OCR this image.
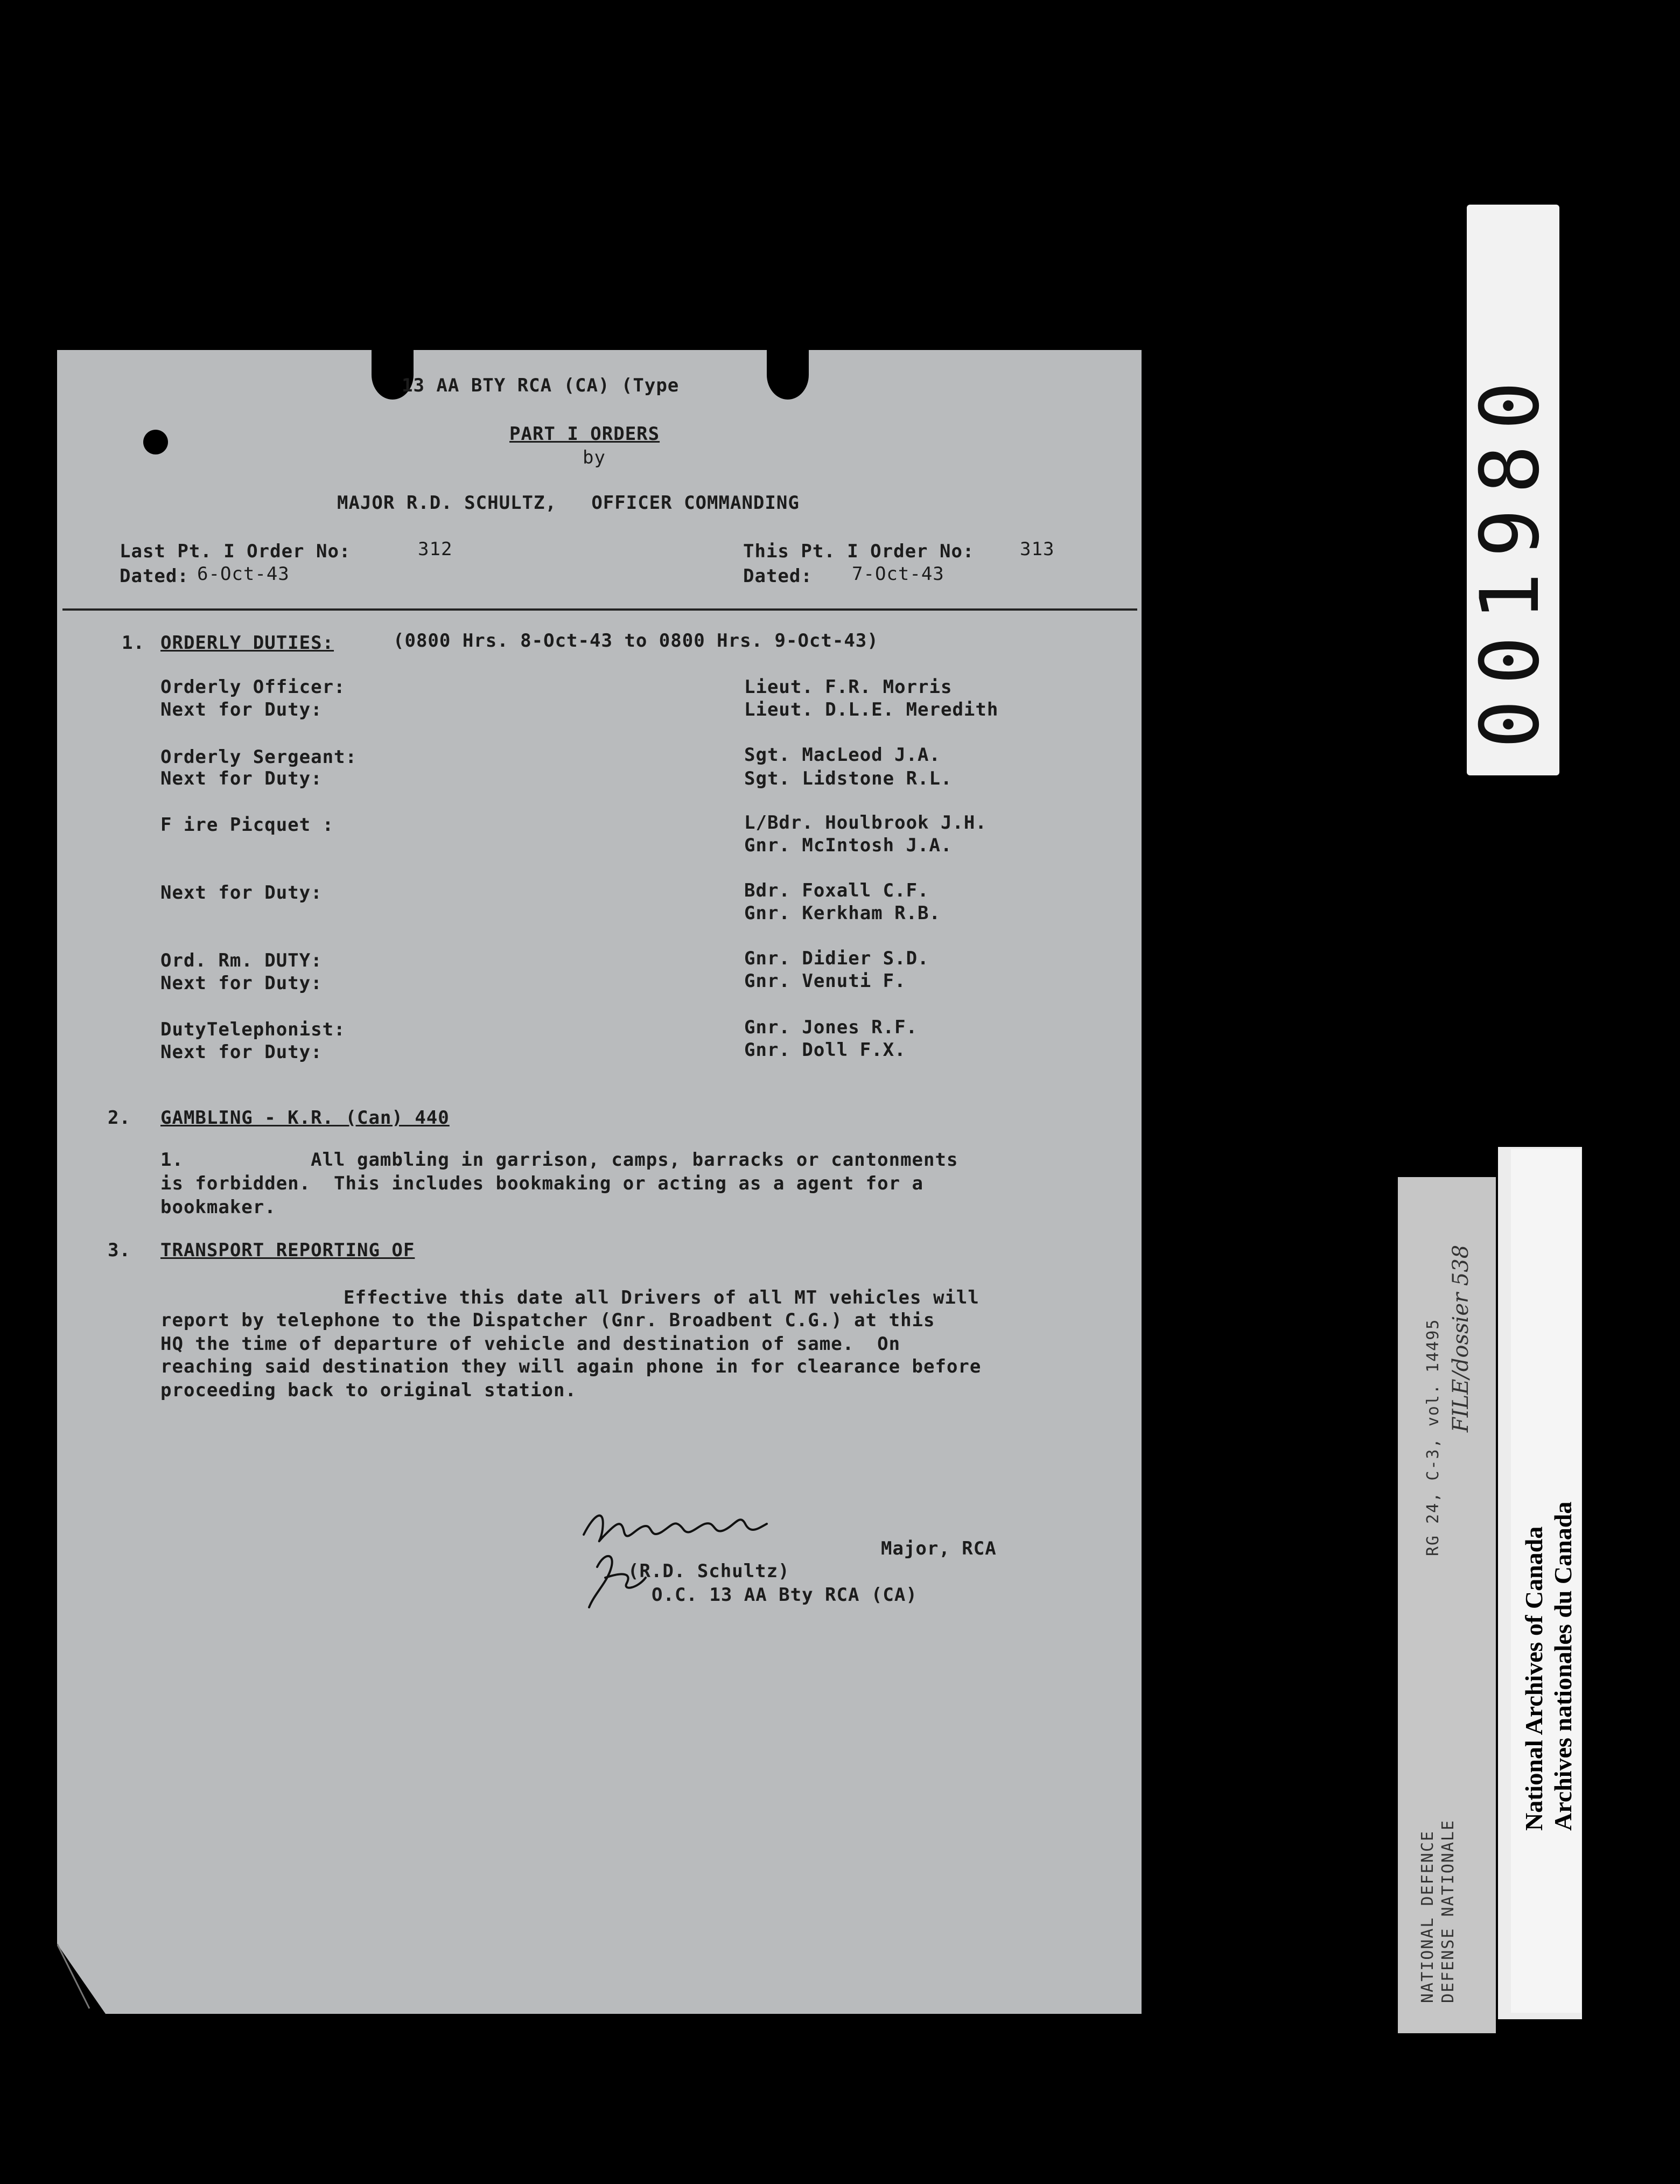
13 AA BTY RCA (CA) (Type
PART I ORDERS
by
MAJOR R.D. SCHULTZ,   OFFICER COMMANDING
Last Pt. I Order No:	312
Dated: 6-Oct-43
This Pt. I Order No: 313
Dated: 7-Oct-43
1. ORDERLY DUTIES:	(0800 Hrs. 8-Oct-43 to 0800 Hrs. 9-Oct-43)
Orderly Officer:	Lieut. F.R. Morris
Next for Duty:	Lieut. D.L.E. Meredith
Orderly Sergeant:	Sgt. MacLeod J.A.
Next for Duty:	Sgt. Lidstone R.L.
F ire Picquet :	L/Bdr. Houlbrook J.H.
Gnr. McIntosh J.A.
Next for Duty:	Bdr. Foxall C.F.
Gnr. Kerkham R.B.
Ord. Rm. DUTY:	Gnr. Didier S.D.
Next for Duty:	Gnr. Venuti F.
DutyTelephonist:	Gnr. Jones R.F.
Next for Duty:	Gnr. Doll F.X.
2. GAMBLING - K.R. (Can) 440
1.           All gambling in garrison, camps, barracks or cantonments
is forbidden.  This includes bookmaking or acting as a agent for a
bookmaker.
3. TRANSPORT REPORTING OF
Effective this date all Drivers of all MT vehicles will
report by telephone to the Dispatcher (Gnr. Broadbent C.G.) at this
HQ the time of departure of vehicle and destination of same.  On
reaching said destination they will again phone in for clearance before
proceeding back to original station.
Major, RCA
(R.D. Schultz)
O.C. 13 AA Bty RCA (CA)
001980
NATIONAL DEFENCE DEFENSE NATIONALE
RG 24, C-3, vol. 14495 FILE/dossier 538
National Archives of Canada Archives nationales du Canada
